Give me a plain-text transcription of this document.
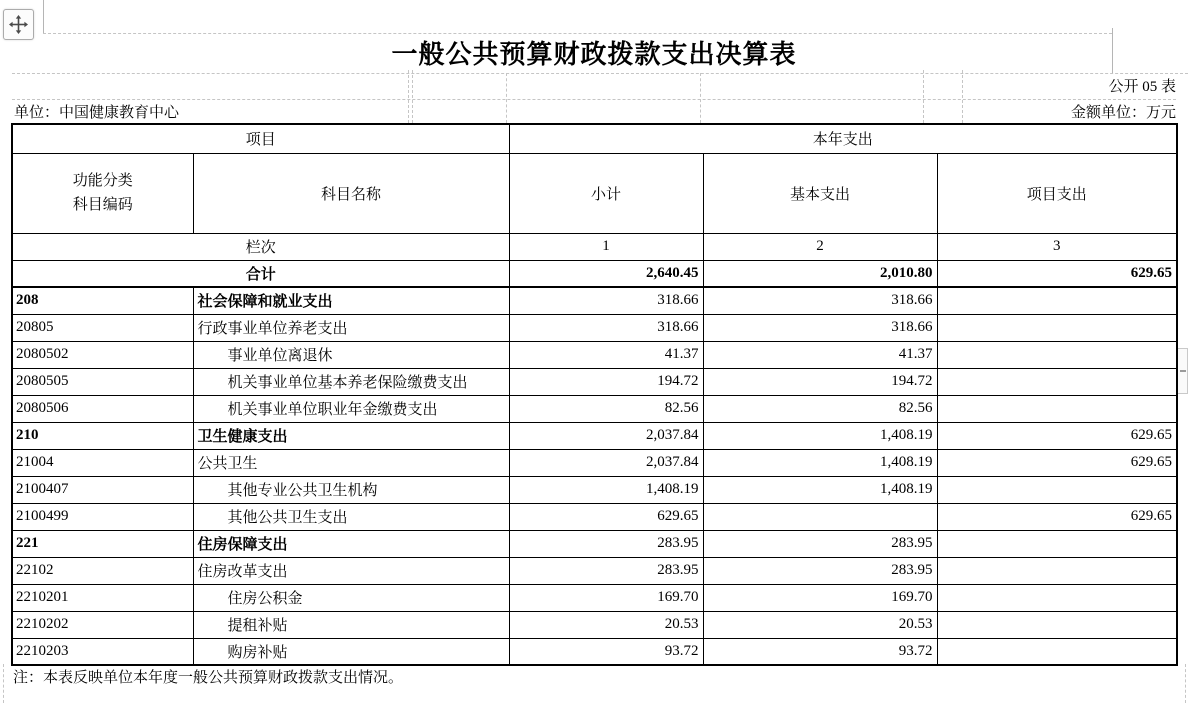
一般公共预算财政拨款支出决算表
公开 05 表
单位：中国健康教育中心	金额单位：万元
项目		本年支出		

功能分类
科目编码	科目名称	小计	基本支出	项目支出
栏次		1	2	3
合计		2,640.45	2,010.80	629.65
208	社会保障和就业支出	318.66	318.66	
20805	行政事业单位养老支出	318.66	318.66	
2080502	事业单位离退休	41.37	41.37	
2080505	机关事业单位基本养老保险缴费支出	194.72	194.72	
2080506	机关事业单位职业年金缴费支出	82.56	82.56	
210	卫生健康支出	2,037.84	1,408.19	629.65
21004	公共卫生	2,037.84	1,408.19	629.65
2100407	其他专业公共卫生机构	1,408.19	1,408.19	
2100499	其他公共卫生支出	629.65		629.65
221	住房保障支出	283.95	283.95	
22102	住房改革支出	283.95	283.95	
2210201	住房公积金	169.70	169.70	
2210202	提租补贴	20.53	20.53	
2210203	购房补贴	93.72	93.72	
注：本表反映单位本年度一般公共预算财政拨款支出情况。
